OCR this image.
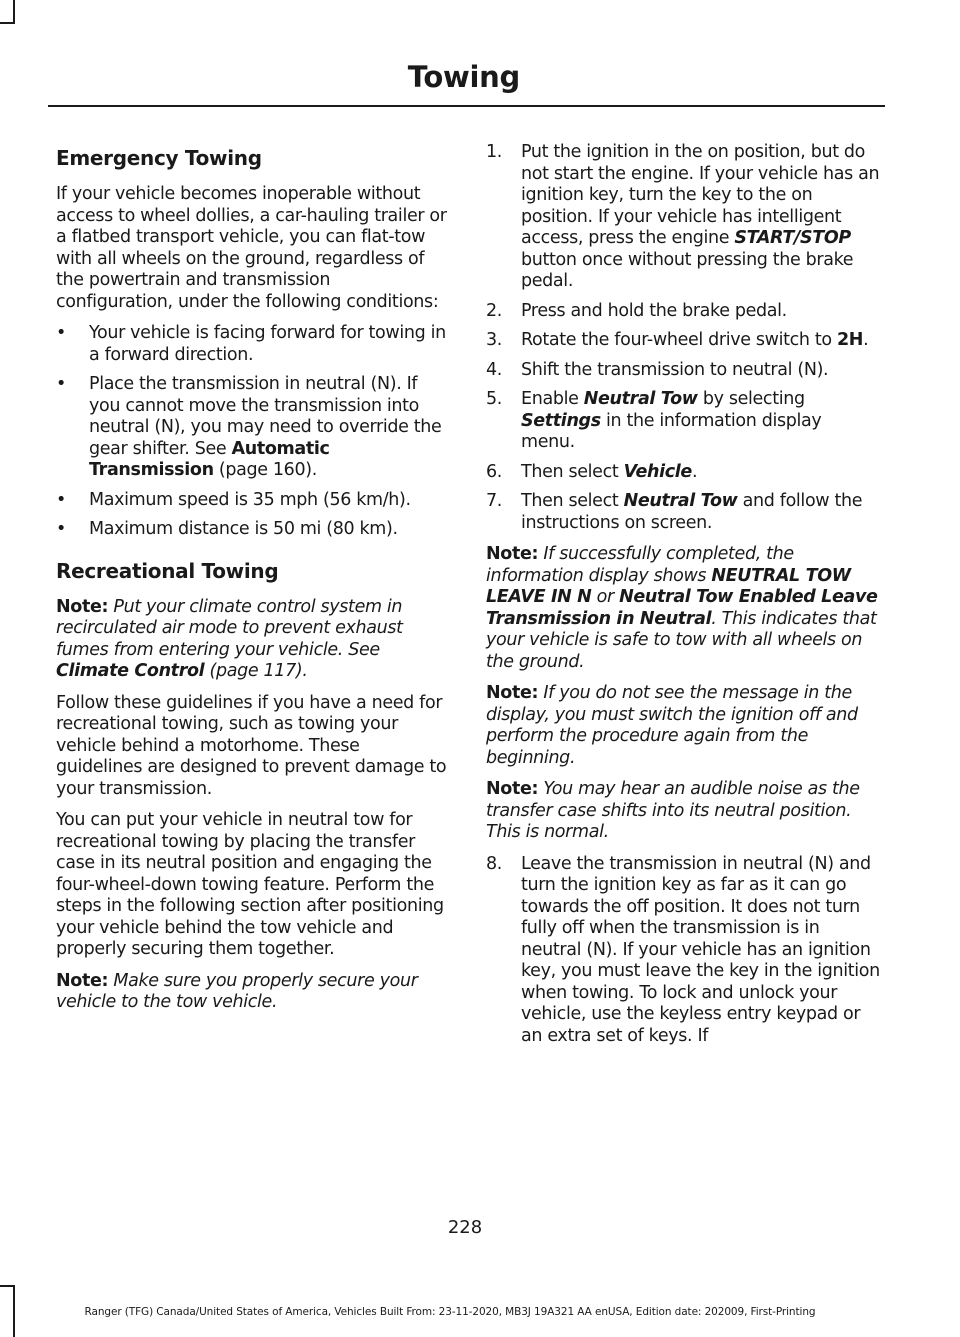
Towing
Emergency Towing

If your vehicle becomes inoperable without access to wheel dollies, a car-hauling trailer or a flatbed transport vehicle, you can flat-tow with all wheels on the ground, regardless of the powertrain and transmission configuration, under the following conditions:

• Your vehicle is facing forward for towing in a forward direction.
• Place the transmission in neutral (N). If you cannot move the transmission into neutral (N), you may need to override the gear shifter. See Automatic Transmission (page 160).
• Maximum speed is 35 mph (56 km/h).
• Maximum distance is 50 mi (80 km).
Recreational Towing

Note: Put your climate control system in recirculated air mode to prevent exhaust fumes from entering your vehicle. See Climate Control (page 117).

Follow these guidelines if you have a need for recreational towing, such as towing your vehicle behind a motorhome. These guidelines are designed to prevent damage to your transmission.

You can put your vehicle in neutral tow for recreational towing by placing the transfer case in its neutral position and engaging the four-wheel-down towing feature. Perform the steps in the following section after positioning your vehicle behind the tow vehicle and properly securing them together.

Note: Make sure you properly secure your vehicle to the tow vehicle.

1. Put the ignition in the on position, but do not start the engine. If your vehicle has an ignition key, turn the key to the on position. If your vehicle has intelligent access, press the engine START/STOP button once without pressing the brake pedal.
2. Press and hold the brake pedal.
3. Rotate the four-wheel drive switch to 2H.
4. Shift the transmission to neutral (N).
5. Enable Neutral Tow by selecting Settings in the information display menu.
6. Then select Vehicle.
7. Then select Neutral Tow and follow the instructions on screen.

Note: If successfully completed, the information display shows NEUTRAL TOW LEAVE IN N or Neutral Tow Enabled Leave Transmission in Neutral. This indicates that your vehicle is safe to tow with all wheels on the ground.

Note: If you do not see the message in the display, you must switch the ignition off and perform the procedure again from the beginning.

Note: You may hear an audible noise as the transfer case shifts into its neutral position. This is normal.

8. Leave the transmission in neutral (N) and turn the ignition key as far as it can go towards the off position. It does not turn fully off when the transmission is in neutral (N). If your vehicle has an ignition key, you must leave the key in the ignition when towing. To lock and unlock your vehicle, use the keyless entry keypad or an extra set of keys. If
228
Ranger (TFG) Canada/United States of America, Vehicles Built From: 23-11-2020, MB3J 19A321 AA enUSA, Edition date: 202009, First-Printing
